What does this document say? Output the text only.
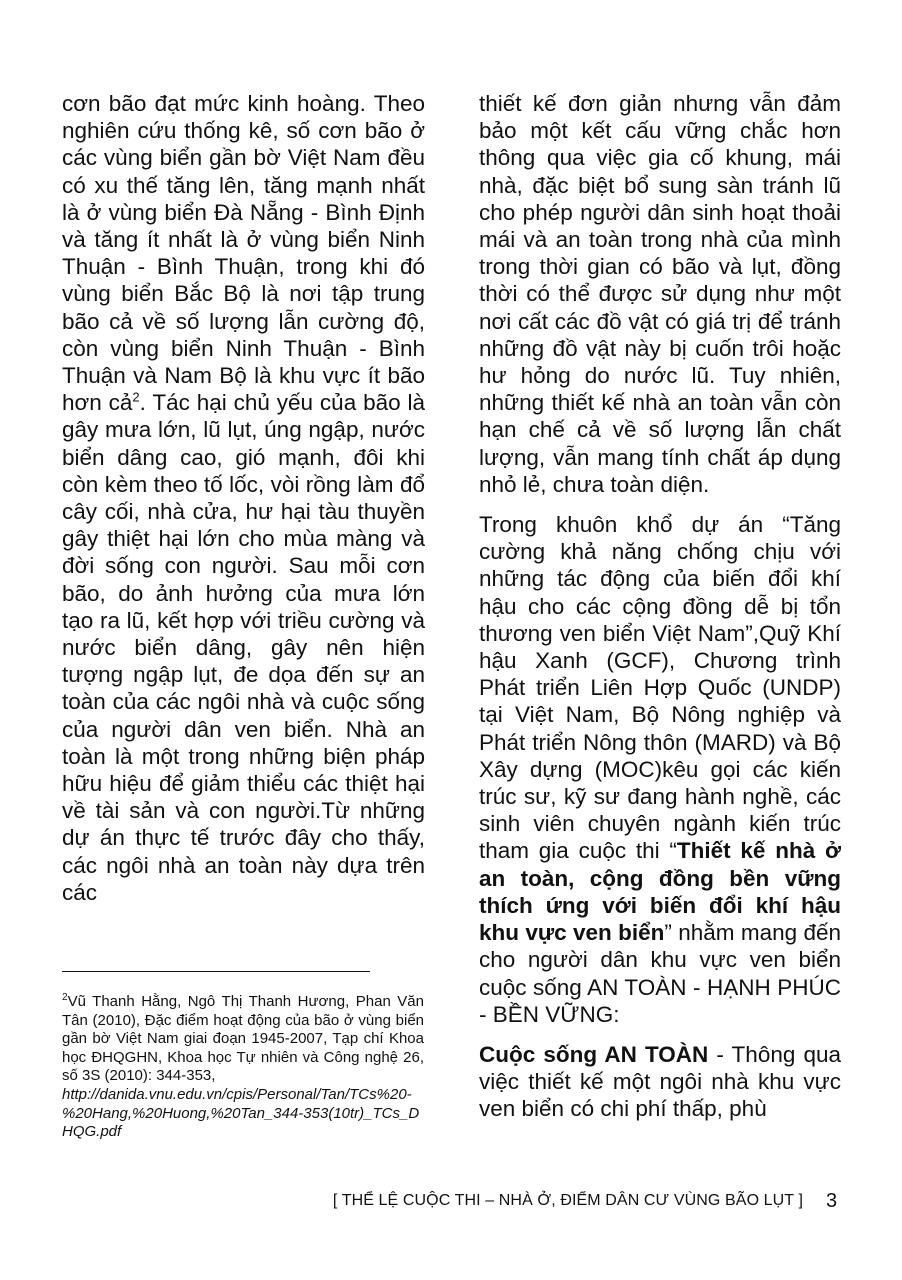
cơn bão đạt mức kinh hoàng. Theo nghiên cứu thống kê, số cơn bão ở các vùng biển gần bờ Việt Nam đều có xu thế tăng lên, tăng mạnh nhất là ở vùng biển Đà Nẵng - Bình Định và tăng ít nhất là ở vùng biển Ninh Thuận - Bình Thuận, trong khi đó vùng biển Bắc Bộ là nơi tập trung bão cả về số lượng lẫn cường độ, còn vùng biển Ninh Thuận - Bình Thuận và Nam Bộ là khu vực ít bão hơn cả$^2$. Tác hại chủ yếu của bão là gây mưa lớn, lũ lụt, úng ngập, nước biển dâng cao, gió mạnh, đôi khi còn kèm theo tố lốc, vòi rồng làm đổ cây cối, nhà cửa, hư hại tàu thuyền gây thiệt hại lớn cho mùa màng và đời sống con người. Sau mỗi cơn bão, do ảnh hưởng của mưa lớn tạo ra lũ, kết hợp với triều cường và nước biển dâng, gây nên hiện tượng ngập lụt, đe dọa đến sự an toàn của các ngôi nhà và cuộc sống của người dân ven biển. Nhà an toàn là một trong những biện pháp hữu hiệu để giảm thiểu các thiệt hại về tài sản và con người.Từ những dự án thực tế trước đây cho thấy, các ngôi nhà an toàn này dựa trên các

$^2$Vũ Thanh Hằng, Ngô Thị Thanh Hương, Phan Văn Tân (2010), Đặc điểm hoạt động của bão ở vùng biển gần bờ Việt Nam giai đoạn 1945-2007, Tạp chí Khoa học ĐHQGHN, Khoa học Tự nhiên và Công nghệ 26, số 3S (2010): 344-353,
http://danida.vnu.edu.vn/cpis/Personal/Tan/TCs%20-%20Hang,%20Huong,%20Tan_344-353(10tr)_TCs_DHQG.pdf

thiết kế đơn giản nhưng vẫn đảm bảo một kết cấu vững chắc hơn thông qua việc gia cố khung, mái nhà, đặc biệt bổ sung sàn tránh lũ cho phép người dân sinh hoạt thoải mái và an toàn trong nhà của mình trong thời gian có bão và lụt, đồng thời có thể được sử dụng như một nơi cất các đồ vật có giá trị để tránh những đồ vật này bị cuốn trôi hoặc hư hỏng do nước lũ. Tuy nhiên, những thiết kế nhà an toàn vẫn còn hạn chế cả về số lượng lẫn chất lượng, vẫn mang tính chất áp dụng nhỏ lẻ, chưa toàn diện.

Trong khuôn khổ dự án “Tăng cường khả năng chống chịu với những tác động của biến đổi khí hậu cho các cộng đồng dễ bị tổn thương ven biển Việt Nam”,Quỹ Khí hậu Xanh (GCF), Chương trình Phát triển Liên Hợp Quốc (UNDP) tại Việt Nam, Bộ Nông nghiệp và Phát triển Nông thôn (MARD) và Bộ Xây dựng (MOC)kêu gọi các kiến trúc sư, kỹ sư đang hành nghề, các sinh viên chuyên ngành kiến trúc tham gia cuộc thi “Thiết kế nhà ở an toàn, cộng đồng bền vững thích ứng với biến đổi khí hậu khu vực ven biển” nhằm mang đến cho người dân khu vực ven biển cuộc sống AN TOÀN - HẠNH PHÚC - BỀN VỮNG:

Cuộc sống AN TOÀN - Thông qua việc thiết kế một ngôi nhà khu vực ven biển có chi phí thấp, phù

[ THỂ LỆ CUỘC THI – NHÀ Ở, ĐIỂM DÂN CƯ VÙNG BÃO LỤT ] 3
